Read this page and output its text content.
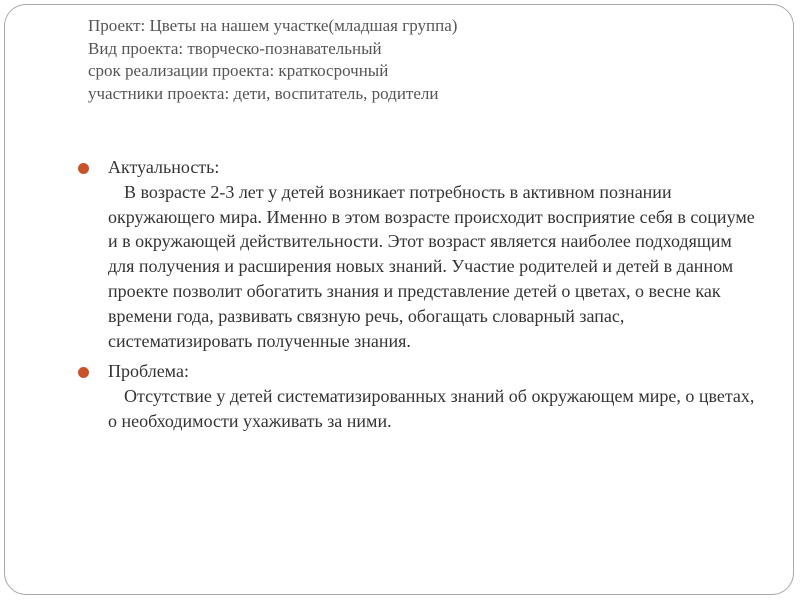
Проект: Цветы на нашем участке(младшая группа)
Вид проекта: творческо-познавательный
срок реализации проекта: краткосрочный
участники проекта: дети, воспитатель, родители
Актуальность:
В возрасте 2-3 лет у детей возникает потребность в активном познании окружающего мира. Именно в этом возрасте происходит восприятие себя в социуме и в окружающей действительности. Этот возраст является наиболее подходящим для получения и расширения новых знаний. Участие родителей и детей в данном проекте позволит обогатить знания и представление детей о цветах, о весне как времени года, развивать связную речь, обогащать словарный запас, систематизировать полученные знания.
Проблема:
Отсутствие у детей систематизированных знаний об окружающем мире, о цветах, о необходимости ухаживать за ними.
